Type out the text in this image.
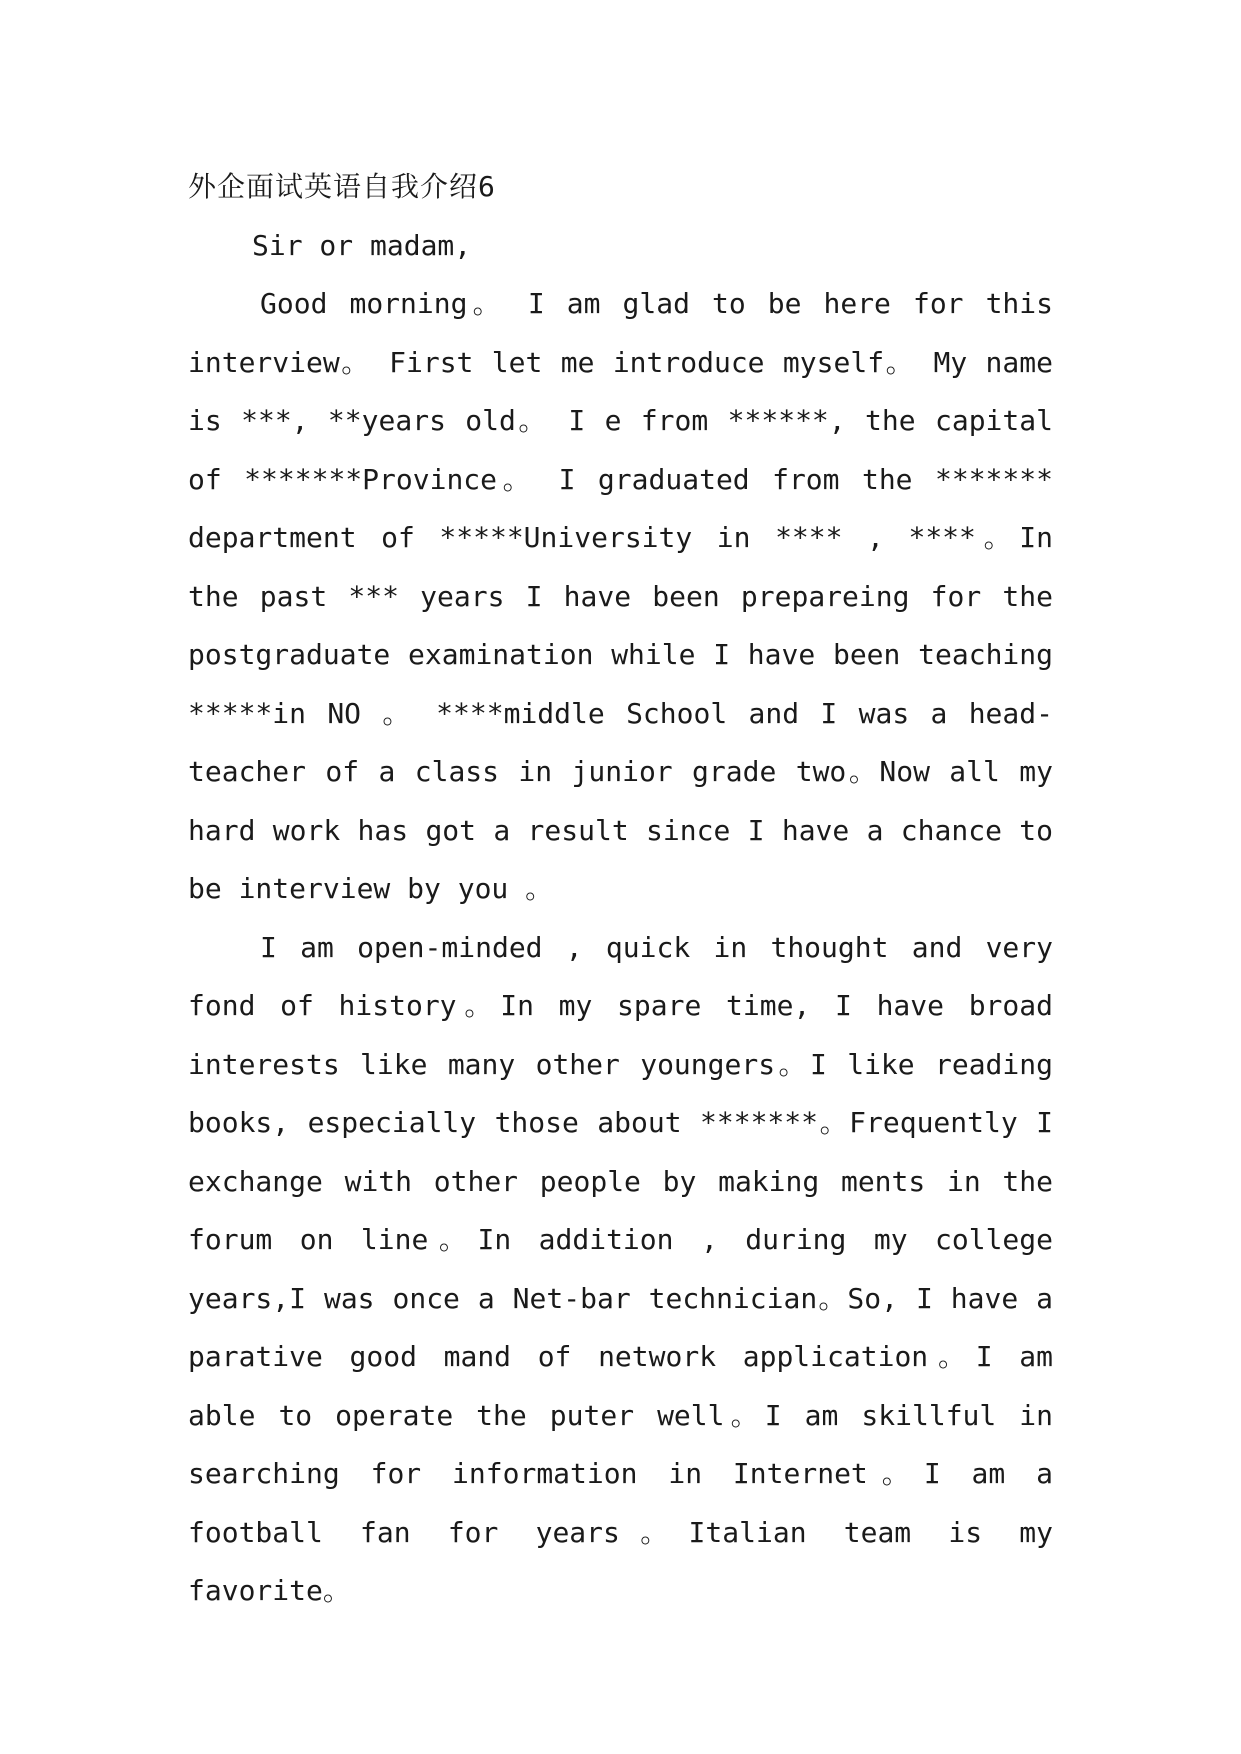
外企面试英语自我介绍6

Sir or madam,

Good morning。 I am glad to be here for this interview。 First let me introduce myself。 My name is ***, **years old。 I e from ******, the capital of *******Province。 I graduated from the ******* department of *****University in **** , ****。In the past *** years I have been prepareing for the postgraduate examination while I have been teaching *****in NO 。 ****middle School and I was a head-teacher of a class in junior grade two。Now all my hard work has got a result since I have a chance to be interview by you 。

I am open-minded , quick in thought and very fond of history。In my spare time, I have broad interests like many other youngers。I like reading books, especially those about *******。Frequently I exchange with other people by making ments in the forum on line。In addition , during my college years,I was once a Net-bar technician。So, I have a parative good mand of network application。I am able to operate the puter well。I am skillful in searching for information in Internet。I am a football fan for years。Italian team is my favorite。
